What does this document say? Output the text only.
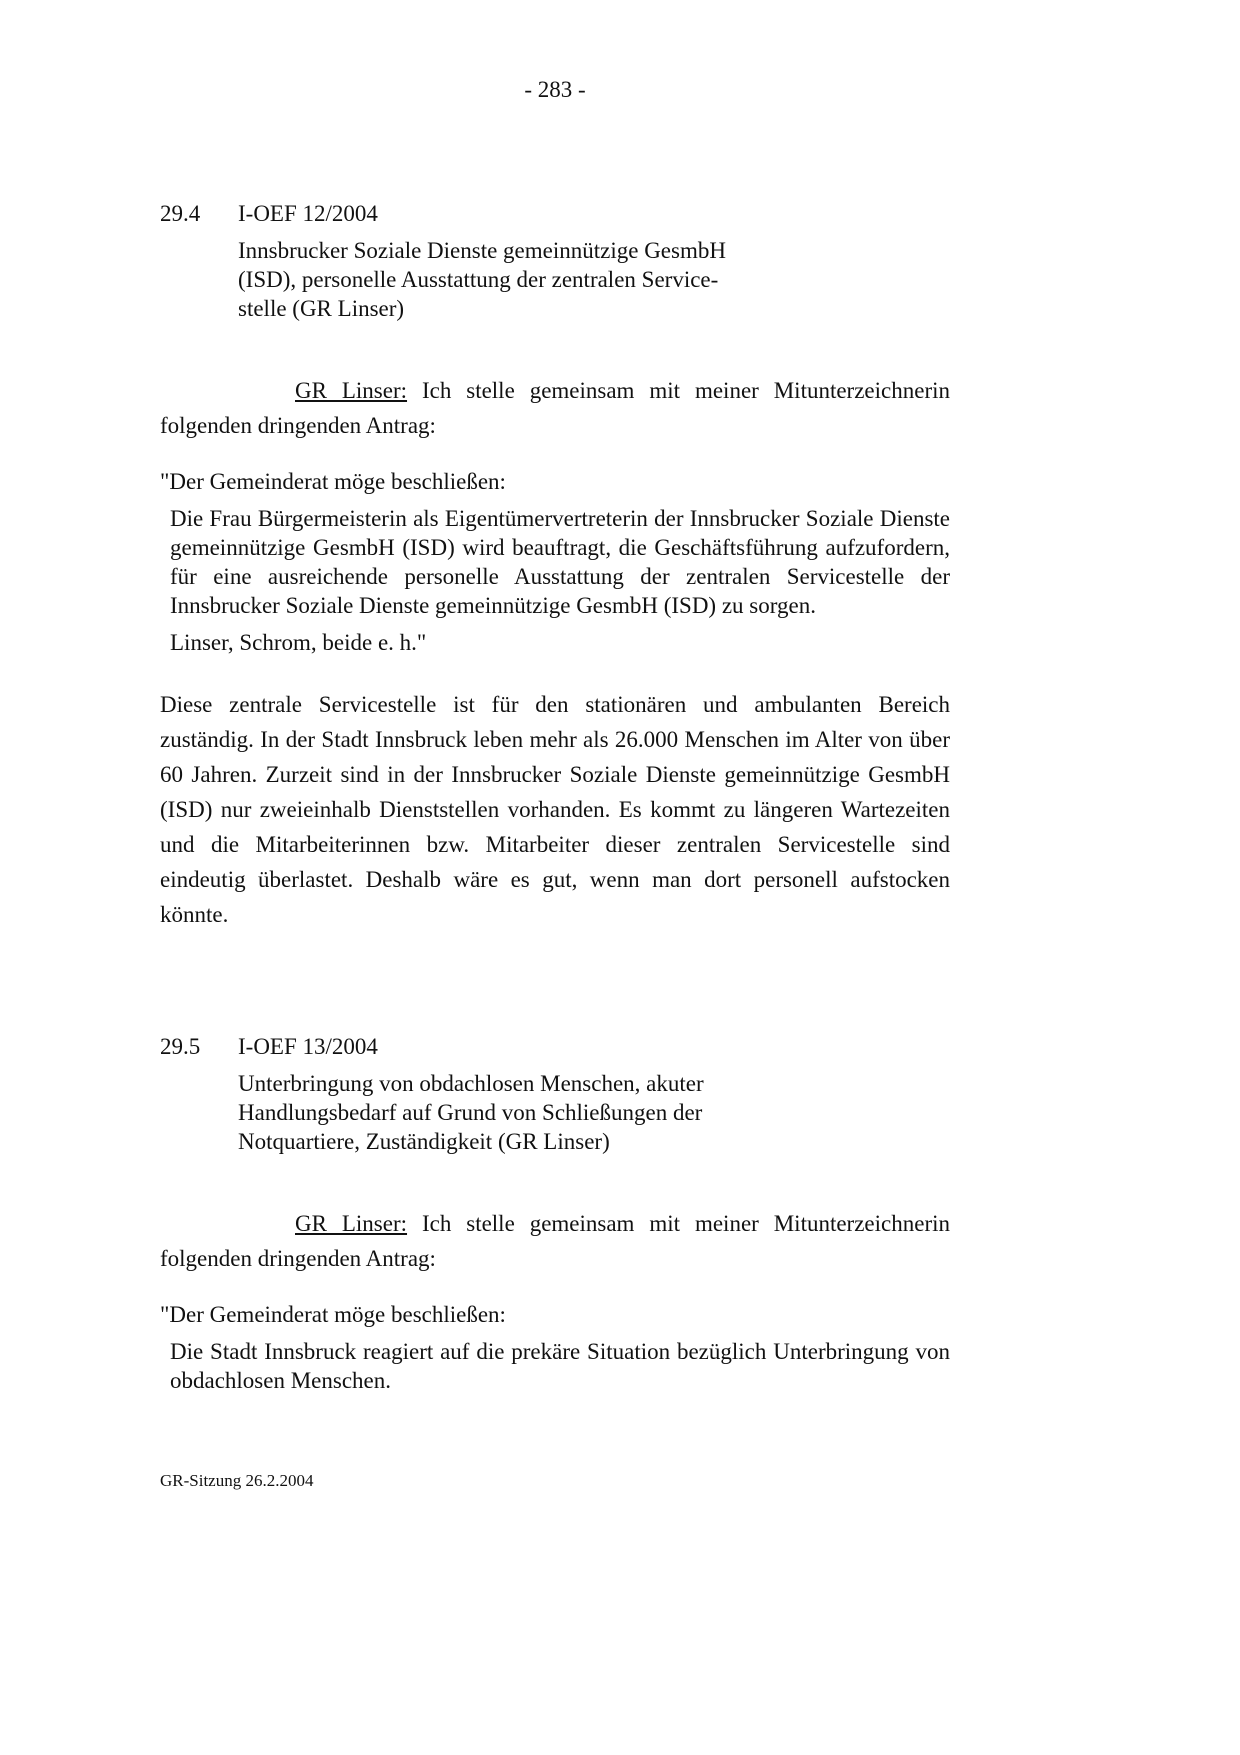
- 283 -
29.4	I-OEF 12/2004
Innsbrucker Soziale Dienste gemeinnützige GesmbH
(ISD), personelle Ausstattung der zentralen Service-
stelle (GR Linser)

GR Linser: Ich stelle gemeinsam mit meiner Mitunterzeichnerin folgenden dringenden Antrag:

"Der Gemeinderat möge beschließen:
Die Frau Bürgermeisterin als Eigentümervertreterin der Innsbrucker Soziale Dienste gemeinnützige GesmbH (ISD) wird beauftragt, die Geschäftsführung aufzufordern, für eine ausreichende personelle Ausstattung der zentralen Servicestelle der Innsbrucker Soziale Dienste gemeinnützige GesmbH (ISD) zu sorgen.
Linser, Schrom, beide e. h."

Diese zentrale Servicestelle ist für den stationären und ambulanten Bereich zuständig. In der Stadt Innsbruck leben mehr als 26.000 Menschen im Alter von über 60 Jahren. Zurzeit sind in der Innsbrucker Soziale Dienste gemeinnützige GesmbH (ISD) nur zweieinhalb Dienststellen vorhanden. Es kommt zu längeren Wartezeiten und die Mitarbeiterinnen bzw. Mitarbeiter dieser zentralen Servicestelle sind eindeutig überlastet. Deshalb wäre es gut, wenn man dort personell aufstocken könnte.

29.5	I-OEF 13/2004
Unterbringung von obdachlosen Menschen, akuter
Handlungsbedarf auf Grund von Schließungen der
Notquartiere, Zuständigkeit (GR Linser)

GR Linser: Ich stelle gemeinsam mit meiner Mitunterzeichnerin folgenden dringenden Antrag:

"Der Gemeinderat möge beschließen:
Die Stadt Innsbruck reagiert auf die prekäre Situation bezüglich Unterbringung von obdachlosen Menschen.
GR-Sitzung 26.2.2004
